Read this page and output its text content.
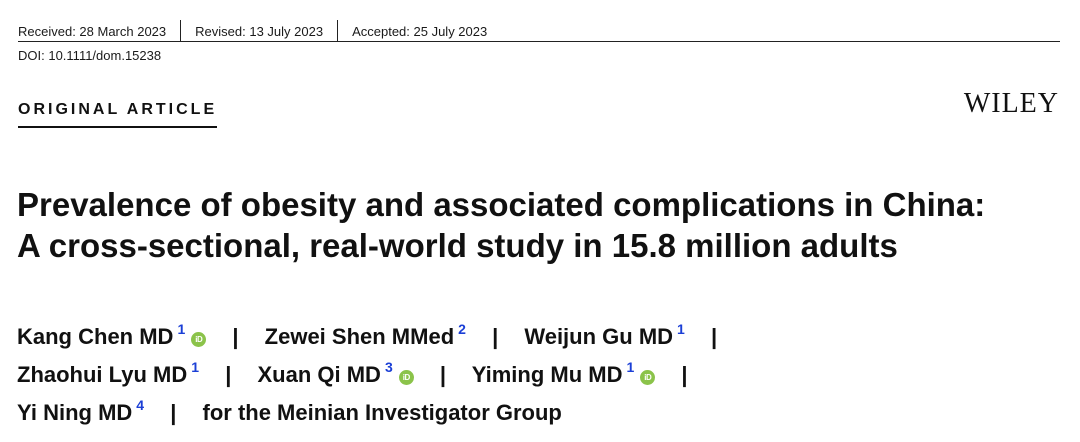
Received: 28 March 2023 Revised: 13 July 2023 Accepted: 25 July 2023
DOI: 10.1111/dom.15238
ORIGINAL ARTICLE	WILEY
Prevalence of obesity and associated complications in China:
A cross-sectional, real-world study in 15.8 million adults
Kang Chen MD $^1$iD | Zewei Shen MMed $^2$ | Weijun Gu MD $^1$ |
Zhaohui Lyu MD $^1$ | Xuan Qi MD $^3$iD | Yiming Mu MD $^1$iD |
Yi Ning MD $^4$ | for the Meinian Investigator Group
